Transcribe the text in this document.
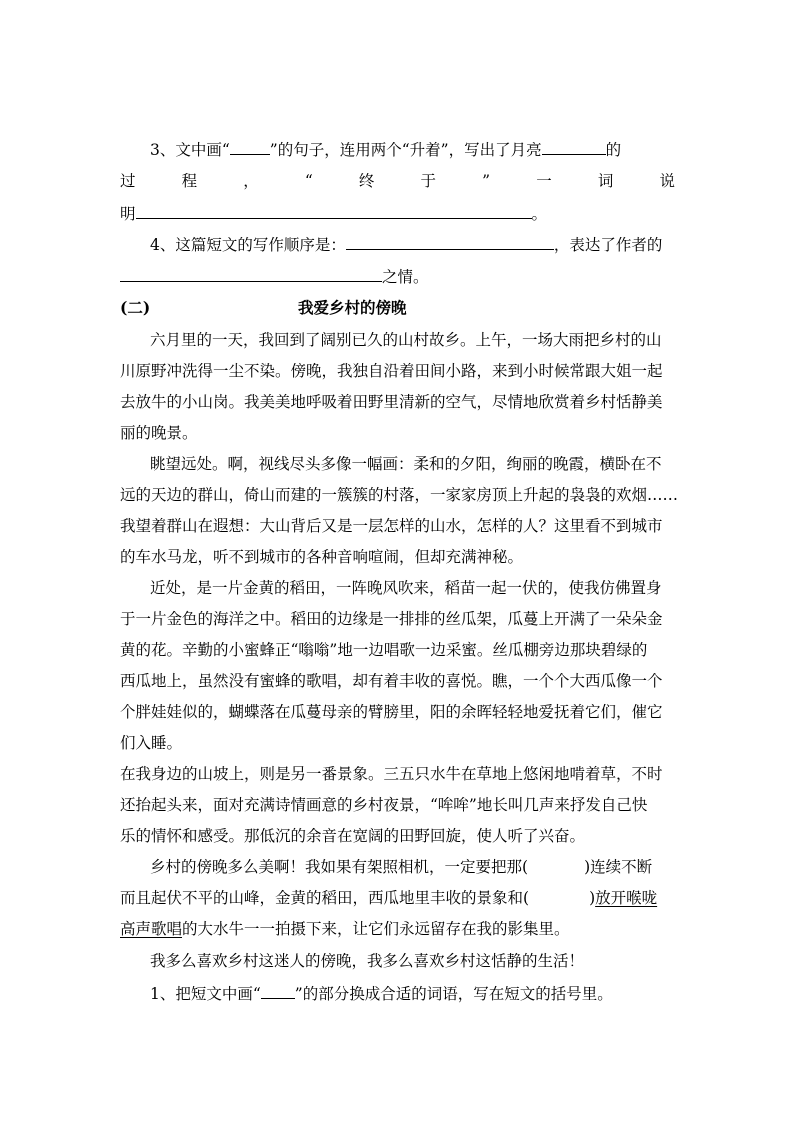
3、文中画“	”的句子，连用两个“升着”，写出了月亮	的
过	程	，	“	终	于	”	一	词	说
明	。
4、这篇短文的写作顺序是：	，表达了作者的
之情。
(二)	我爱乡村的傍晚
六月里的一天，我回到了阔别已久的山村故乡。上午，一场大雨把乡村的山
川原野冲洗得一尘不染。傍晚，我独自沿着田间小路，来到小时候常跟大姐一起
去放牛的小山岗。我美美地呼吸着田野里清新的空气，尽情地欣赏着乡村恬静美
丽的晚景。
眺望远处。啊，视线尽头多像一幅画：柔和的夕阳，绚丽的晚霞，横卧在不
远的天边的群山，倚山而建的一簇簇的村落，一家家房顶上升起的袅袅的欢烟……
我望着群山在遐想：大山背后又是一层怎样的山水，怎样的人？这里看不到城市
的车水马龙，听不到城市的各种音响喧闹，但却充满神秘。
近处，是一片金黄的稻田，一阵晚风吹来，稻苗一起一伏的，使我仿佛置身
于一片金色的海洋之中。稻田的边缘是一排排的丝瓜架，瓜蔓上开满了一朵朵金
黄的花。辛勤的小蜜蜂正“嗡嗡”地一边唱歌一边采蜜。丝瓜棚旁边那块碧绿的
西瓜地上，虽然没有蜜蜂的歌唱，却有着丰收的喜悦。瞧，一个个大西瓜像一个
个胖娃娃似的，蝴蝶落在瓜蔓母亲的臂膀里，阳的余晖轻轻地爱抚着它们，催它
们入睡。
在我身边的山坡上，则是另一番景象。三五只水牛在草地上悠闲地啃着草，不时
还抬起头来，面对充满诗情画意的乡村夜景，“哞哞”地长叫几声来抒发自己快
乐的情怀和感受。那低沉的余音在宽阔的田野回旋，使人听了兴奋。
乡村的傍晚多么美啊！我如果有架照相机，一定要把那(	)连续不断
而且起伏不平的山峰，金黄的稻田，西瓜地里丰收的景象和(	)放开喉咙
高声歌唱的大水牛一一拍摄下来，让它们永远留存在我的影集里。
我多么喜欢乡村这迷人的傍晚，我多么喜欢乡村这恬静的生活！
1、把短文中画“ ”的部分换成合适的词语，写在短文的括号里。
